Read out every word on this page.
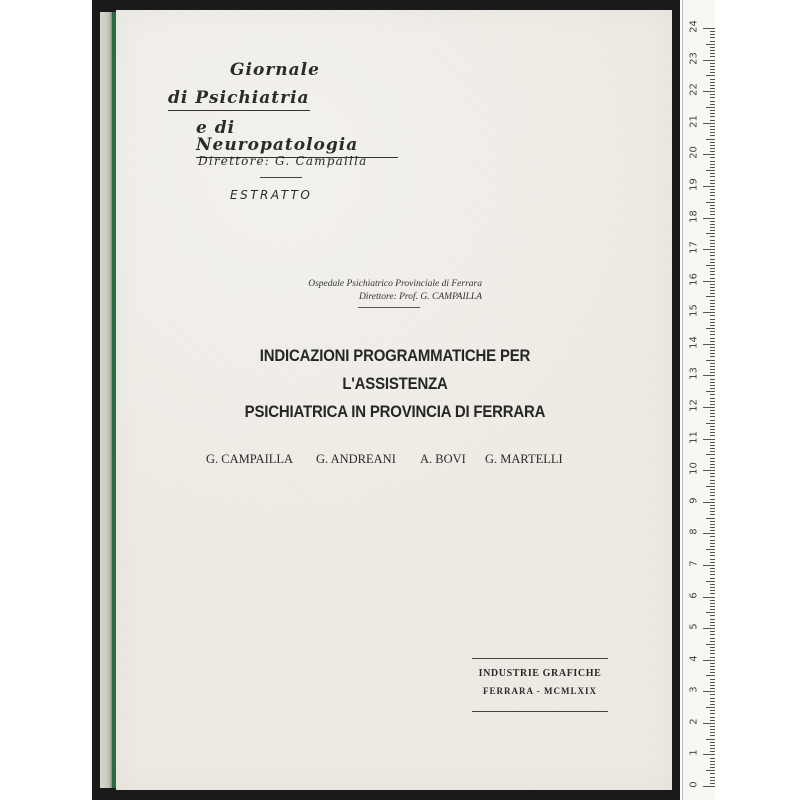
Giornale
di Psichiatria
e di Neuropatologia
Direttore: G. Campailla
ESTRATTO
Ospedale Psichiatrico Provinciale di Ferrara
Direttore: Prof. G. CAMPAILLA
INDICAZIONI PROGRAMMATICHE PER L'ASSISTENZA
PSICHIATRICA IN PROVINCIA DI FERRARA
G. CAMPAILLA G. ANDREANI A. BOVI G. MARTELLI
INDUSTRIE GRAFICHE
FERRARA - MCMLXIX
24
23
22
21
20
19
18
17
16
15
14
13
12
11
10
9
8
7
6
5
4
3
2
1
0
